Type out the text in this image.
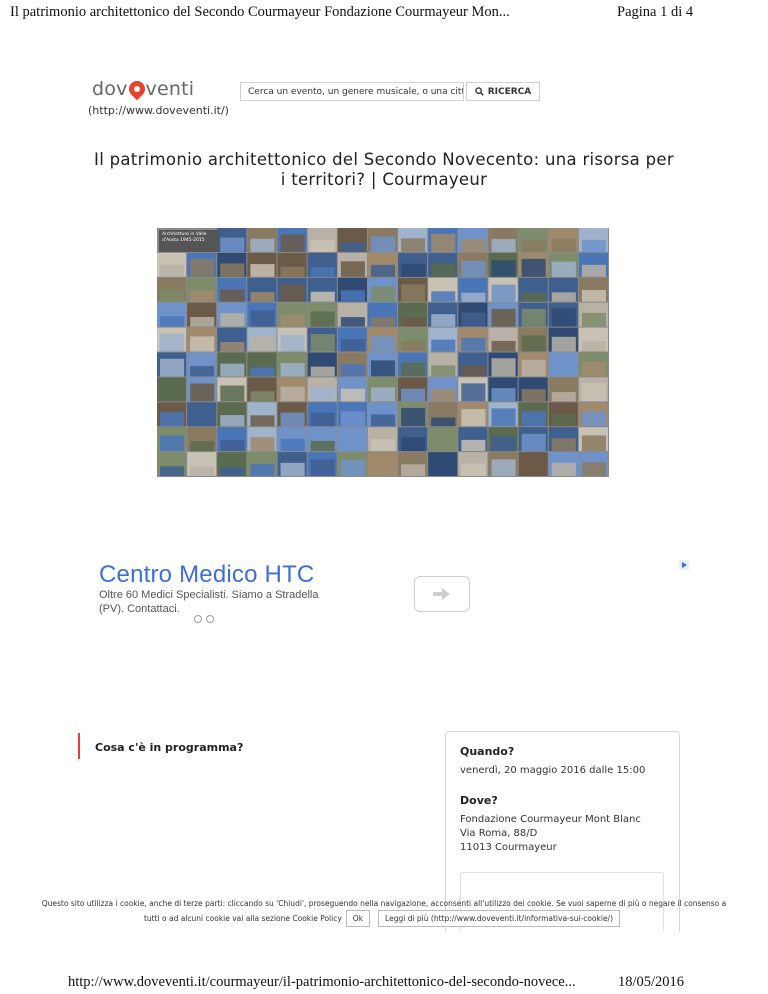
Il patrimonio architettonico del Secondo Courmayeur Fondazione Courmayeur Mon...	Pagina 1 di 4
dov venti
(http://www.doveventi.it/)
Cerca un evento, un genere musicale, o una città ...
RICERCA
Il patrimonio architettonico del Secondo Novecento: una risorsa per i territori? | Courmayeur
Architetture in Valle d'Aosta 1945-2015
Centro Medico HTC
Oltre 60 Medici Specialisti. Siamo a Stradella (PV). Contattaci.
Cosa c'è in programma?	Quando?
venerdì, 20 maggio 2016 dalle 15:00
Dove?
Fondazione Courmayeur Mont Blanc
Via Roma, 88/D
11013 Courmayeur
Questo sito utilizza i cookie, anche di terze parti: cliccando su 'Chiudi', proseguendo nella navigazione, acconsenti all'utilizzo dei cookie. Se vuoi saperne di più o negare il consenso a
tutti o ad alcuni cookie vai alla sezione Cookie Policy Ok	Leggi di più (http://www.doveventi.it/informativa-sui-cookie/)
http://www.doveventi.it/courmayeur/il-patrimonio-architettonico-del-secondo-novece...	18/05/2016
